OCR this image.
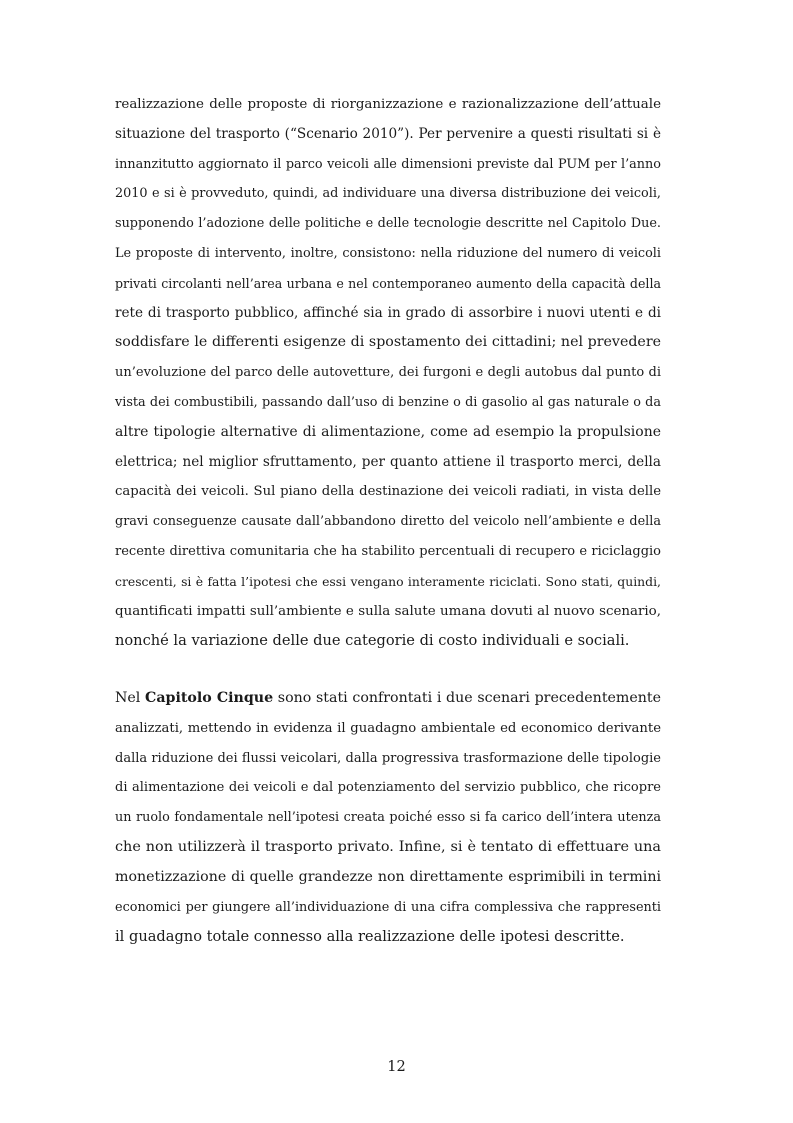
realizzazione delle proposte di riorganizzazione e razionalizzazione dell’attuale
situazione del trasporto (“Scenario 2010”). Per pervenire a questi risultati si è
innanzitutto aggiornato il parco veicoli alle dimensioni previste dal PUM per l’anno
2010 e si è provveduto, quindi, ad individuare una diversa distribuzione dei veicoli,
supponendo l’adozione delle politiche e delle tecnologie descritte nel Capitolo Due.
Le proposte di intervento, inoltre, consistono: nella riduzione del numero di veicoli
privati circolanti nell’area urbana e nel contemporaneo aumento della capacità della
rete di trasporto pubblico, affinché sia in grado di assorbire i nuovi utenti e di
soddisfare le differenti esigenze di spostamento dei cittadini; nel prevedere
un’evoluzione del parco delle autovetture, dei furgoni e degli autobus dal punto di
vista dei combustibili, passando dall’uso di benzine o di gasolio al gas naturale o da
altre tipologie alternative di alimentazione, come ad esempio la propulsione
elettrica; nel miglior sfruttamento, per quanto attiene il trasporto merci, della
capacità dei veicoli. Sul piano della destinazione dei veicoli radiati, in vista delle
gravi conseguenze causate dall’abbandono diretto del veicolo nell’ambiente e della
recente direttiva comunitaria che ha stabilito percentuali di recupero e riciclaggio
crescenti, si è fatta l’ipotesi che essi vengano interamente riciclati. Sono stati, quindi,
quantificati impatti sull’ambiente e sulla salute umana dovuti al nuovo scenario,
nonché la variazione delle due categorie di costo individuali e sociali.
Nel Capitolo Cinque sono stati confrontati i due scenari precedentemente
analizzati, mettendo in evidenza il guadagno ambientale ed economico derivante
dalla riduzione dei flussi veicolari, dalla progressiva trasformazione delle tipologie
di alimentazione dei veicoli e dal potenziamento del servizio pubblico, che ricopre
un ruolo fondamentale nell’ipotesi creata poiché esso si fa carico dell’intera utenza
che non utilizzerà il trasporto privato. Infine, si è tentato di effettuare una
monetizzazione di quelle grandezze non direttamente esprimibili in termini
economici per giungere all’individuazione di una cifra complessiva che rappresenti
il guadagno totale connesso alla realizzazione delle ipotesi descritte.
12
